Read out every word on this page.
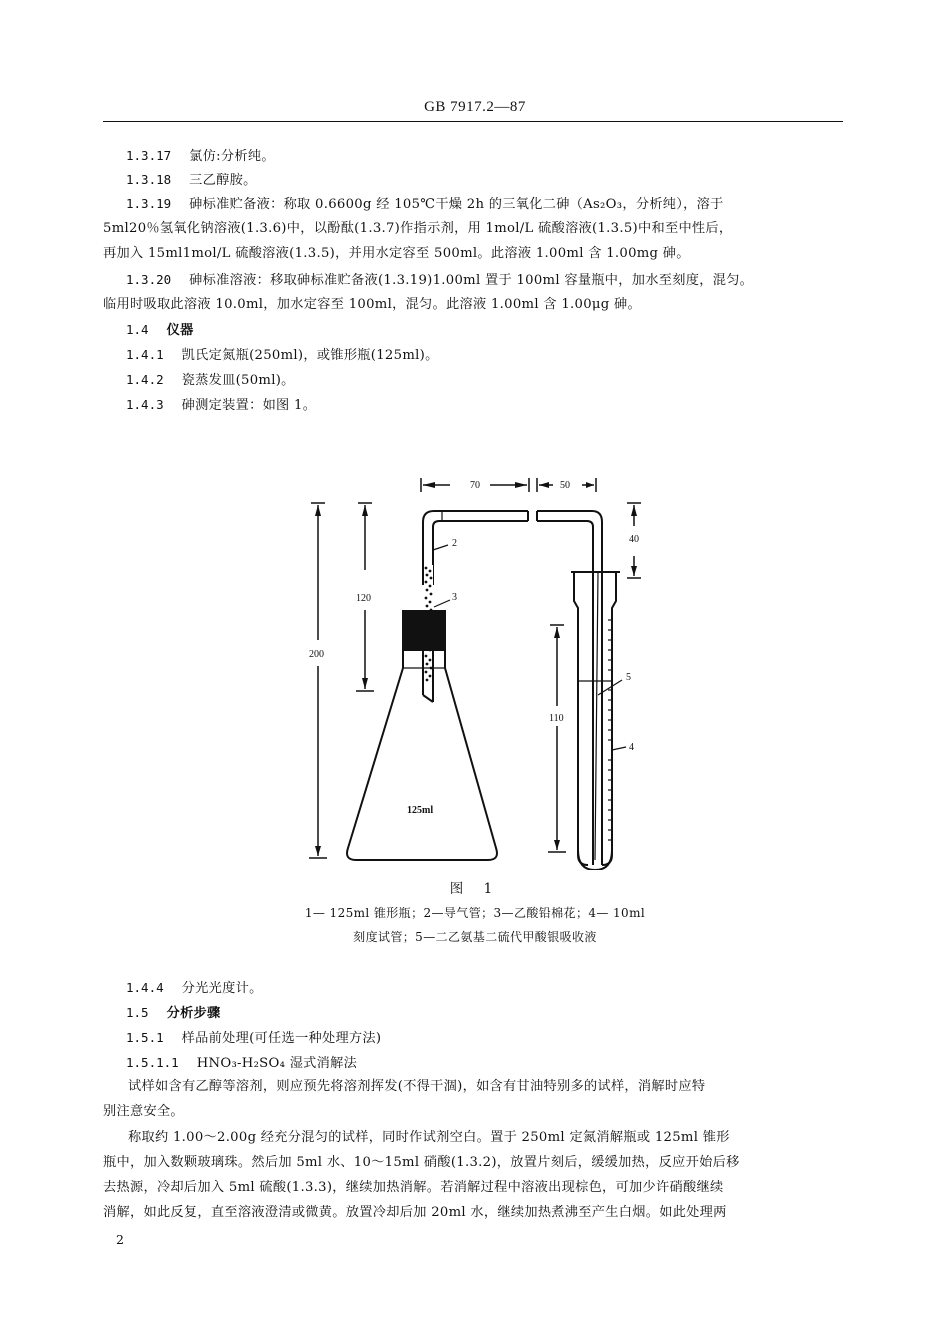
GB 7917.2—87
1.3.17 氯仿:分析纯。
1.3.18 三乙醇胺。
1.3.19 砷标准贮备液：称取 0.6600g 经 105℃干燥 2h 的三氧化二砷（As₂O₃，分析纯），溶于
5ml20％氢氧化钠溶液(1.3.6)中，以酚酞(1.3.7)作指示剂，用 1mol/L 硫酸溶液(1.3.5)中和至中性后，
再加入 15ml1mol/L 硫酸溶液(1.3.5)，并用水定容至 500ml。此溶液 1.00ml 含 1.00mg 砷。
1.3.20 砷标准溶液：移取砷标准贮备液(1.3.19)1.00ml 置于 100ml 容量瓶中，加水至刻度，混匀。
临用时吸取此溶液 10.0ml，加水定容至 100ml，混匀。此溶液 1.00ml 含 1.00μg 砷。
1.4 仪器
1.4.1 凯氏定氮瓶(250ml)，或锥形瓶(125ml)。
1.4.2 瓷蒸发皿(50ml)。
1.4.3 砷测定装置：如图 1。
70	50
40
200
120
110
125ml
2
3
5
4
图 1
1— 125ml 锥形瓶；2—导气管；3—乙酸铅棉花；4— 10ml
刻度试管；5—二乙氨基二硫代甲酸银吸收液
1.4.4 分光光度计。
1.5 分析步骤
1.5.1 样品前处理(可任选一种处理方法)
1.5.1.1 HNO₃-H₂SO₄ 湿式消解法
试样如含有乙醇等溶剂，则应预先将溶剂挥发(不得干涸)，如含有甘油特别多的试样，消解时应特
别注意安全。
称取约 1.00～2.00g 经充分混匀的试样，同时作试剂空白。置于 250ml 定氮消解瓶或 125ml 锥形
瓶中，加入数颗玻璃珠。然后加 5ml 水、10～15ml 硝酸(1.3.2)，放置片刻后，缓缓加热，反应开始后移
去热源，冷却后加入 5ml 硫酸(1.3.3)，继续加热消解。若消解过程中溶液出现棕色，可加少许硝酸继续
消解，如此反复，直至溶液澄清或微黄。放置冷却后加 20ml 水，继续加热煮沸至产生白烟。如此处理两
2
